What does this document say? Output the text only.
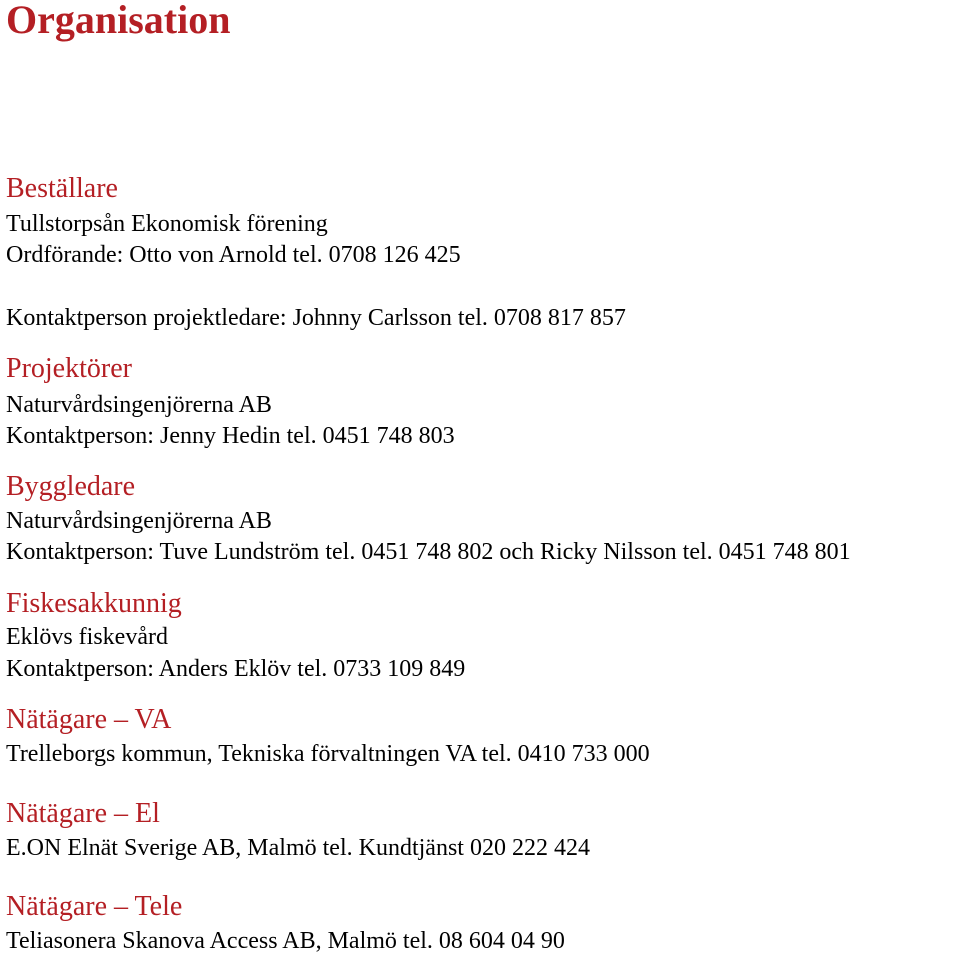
Organisation
Beställare

Tullstorpsån Ekonomisk förening

Ordförande: Otto von Arnold tel. 0708 126 425

Kontaktperson projektledare: Johnny Carlsson tel. 0708 817 857

Projektörer

Naturvårdsingenjörerna AB

Kontaktperson: Jenny Hedin tel. 0451 748 803

Byggledare

Naturvårdsingenjörerna AB

Kontaktperson: Tuve Lundström tel. 0451 748 802 och Ricky Nilsson tel. 0451 748 801

Fiskesakkunnig

Eklövs fiskevård

Kontaktperson: Anders Eklöv tel. 0733 109 849

Nätägare – VA

Trelleborgs kommun, Tekniska förvaltningen VA tel. 0410 733 000

Nätägare – El

E.ON Elnät Sverige AB, Malmö tel. Kundtjänst 020 222 424

Nätägare – Tele

Teliasonera Skanova Access AB, Malmö tel. 08 604 04 90
